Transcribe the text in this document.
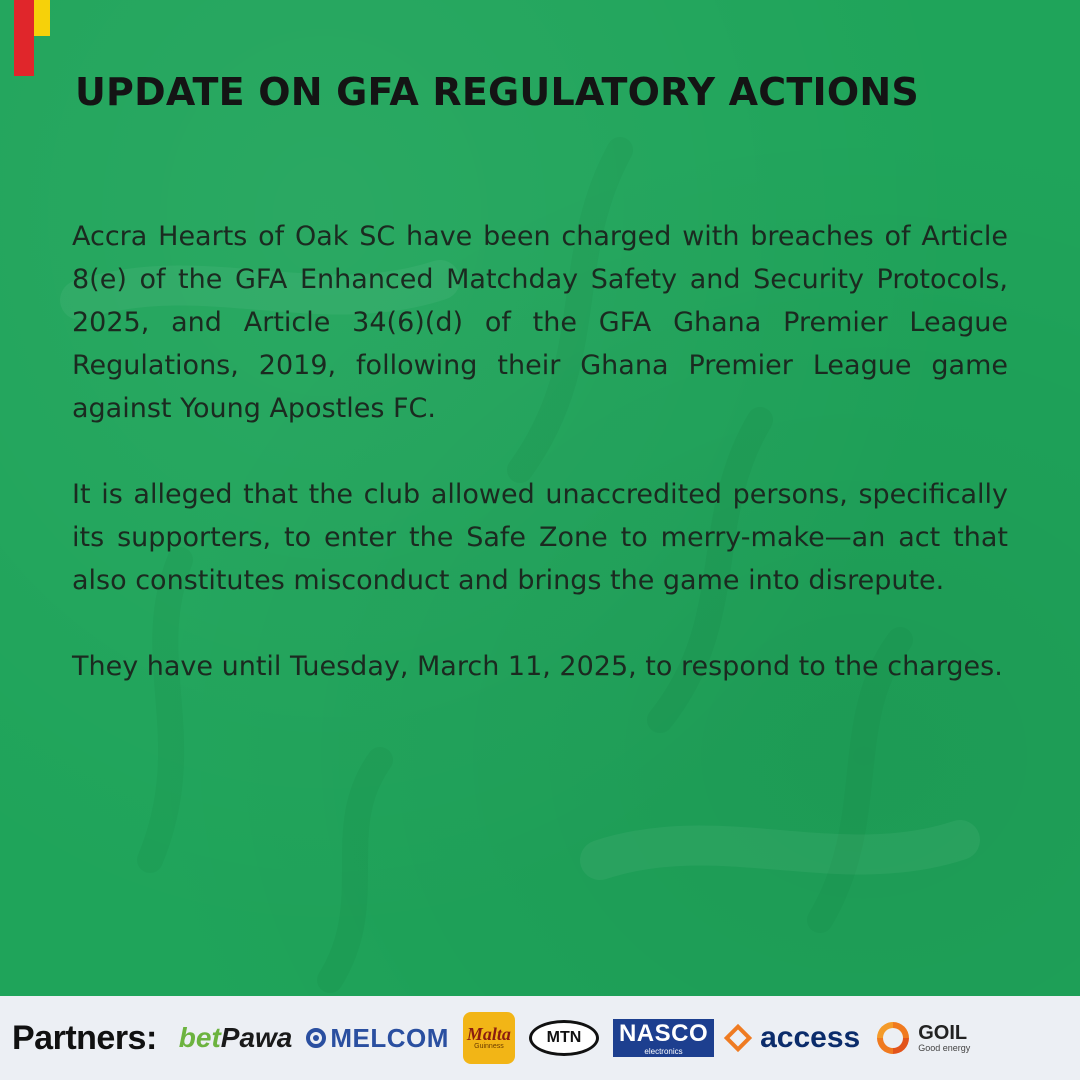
UPDATE ON GFA REGULATORY ACTIONS

Accra Hearts of Oak SC have been charged with breaches of Article 8(e) of the GFA Enhanced Matchday Safety and Security Protocols, 2025, and Article 34(6)(d) of the GFA Ghana Premier League Regulations, 2019, following their Ghana Premier League game against Young Apostles FC.

It is alleged that the club allowed unaccredited persons, specifically its supporters, to enter the Safe Zone to merry-make—an act that also constitutes misconduct and brings the game into disrepute.

They have until Tuesday, March 11, 2025, to respond to the charges.

Partners: bet Pawa MELCOM Malta
Guinness
MTN	NASCO
electronics	access	GOIL
Good energy
